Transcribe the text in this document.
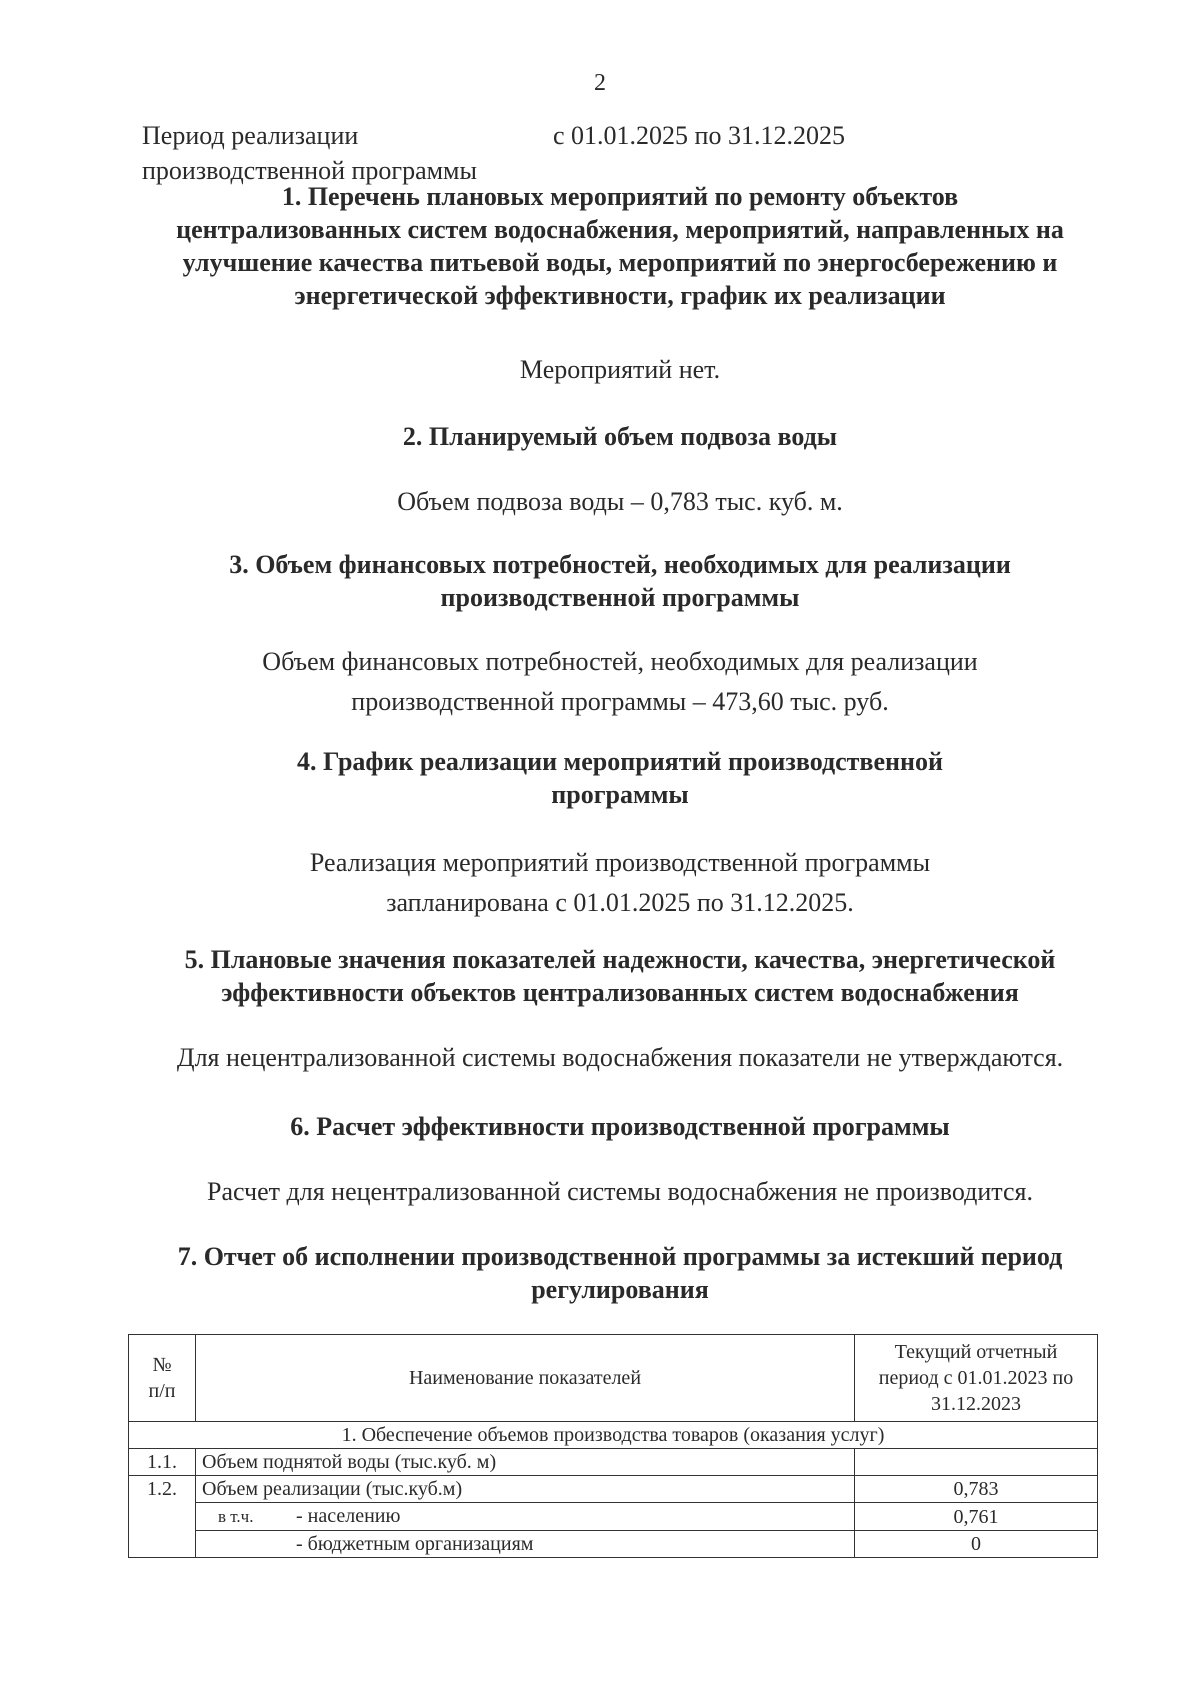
2
Период реализации
производственной программы
с 01.01.2025 по 31.12.2025
1. Перечень плановых мероприятий по ремонту объектов
централизованных систем водоснабжения, мероприятий, направленных на
улучшение качества питьевой воды, мероприятий по энергосбережению и
энергетической эффективности, график их реализации
Мероприятий нет.
2. Планируемый объем подвоза воды
Объем подвоза воды – 0,783 тыс. куб. м.
3. Объем финансовых потребностей, необходимых для реализации
производственной программы
Объем финансовых потребностей, необходимых для реализации
производственной программы – 473,60 тыс. руб.
4. График реализации мероприятий производственной
программы
Реализация мероприятий производственной программы
запланирована с 01.01.2025 по 31.12.2025.
5. Плановые значения показателей надежности, качества, энергетической
эффективности объектов централизованных систем водоснабжения
Для нецентрализованной системы водоснабжения показатели не утверждаются.
6. Расчет эффективности производственной программы
Расчет для нецентрализованной системы водоснабжения не производится.
7. Отчет об исполнении производственной программы за истекший период
регулирования
№
п/п	Наименование показателей	Текущий отчетный
период с 01.01.2023 по
31.12.2023

1. Обеспечение объемов производства товаров (оказания услуг)		
1.1.	Объем поднятой воды (тыс.куб. м)	
1.2.	Объем реализации (тыс.куб.м)	0,783
	в т.ч. - населению	0,761
	- бюджетным организациям	0
